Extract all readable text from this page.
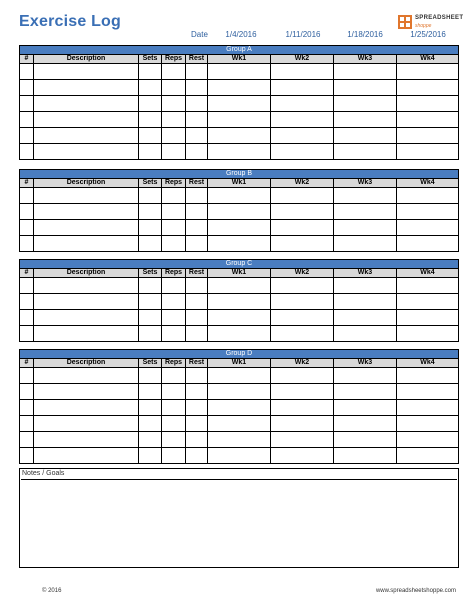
Exercise Log
Date	1/4/2016	1/11/2016	1/18/2016	1/25/2016
SPREADSHEET
shoppe
Group A
#	Description	Sets	Reps Rest	Wk1	Wk2	Wk3	Wk4
Group B
#	Description	Sets	Reps Rest	Wk1	Wk2	Wk3	Wk4
Group C
#	Description	Sets	Reps Rest	Wk1	Wk2	Wk3	Wk4
Group D
#	Description	Sets	Reps Rest	Wk1	Wk2	Wk3	Wk4
Notes / Goals
© 2016	www.spreadsheetshoppe.com
